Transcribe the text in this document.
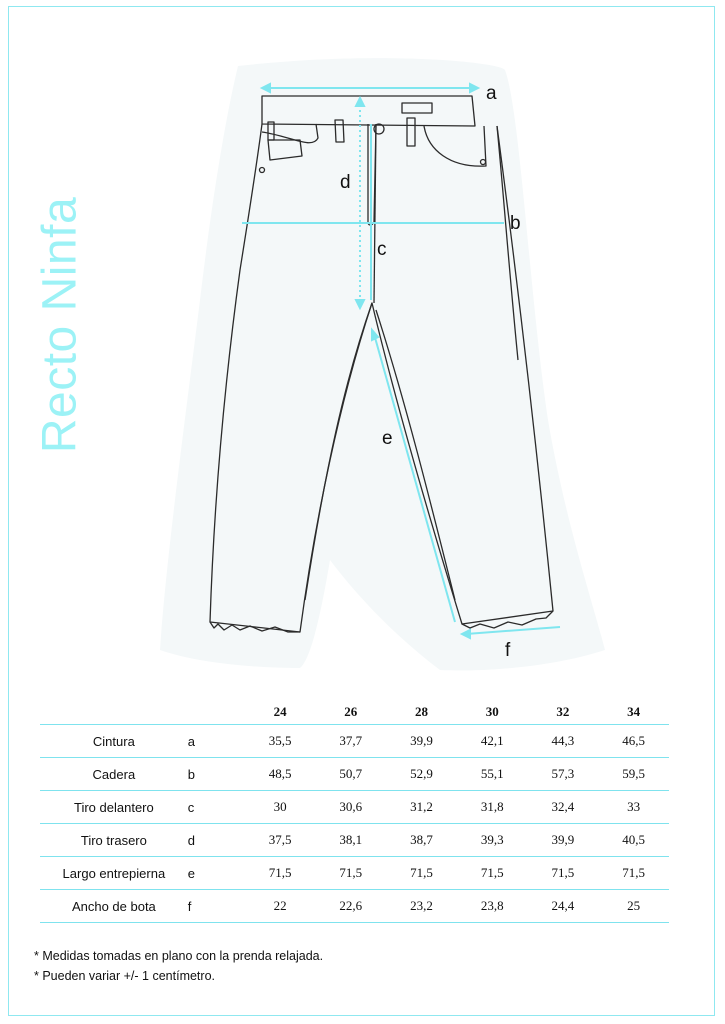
Recto Ninfa
a
b
c
d
e
f
		24	26	28	30	32	34
Cintura	a	35,5	37,7	39,9	42,1	44,3	46,5
Cadera	b	48,5	50,7	52,9	55,1	57,3	59,5
Tiro delantero	c	30	30,6	31,2	31,8	32,4	33
Tiro trasero	d	37,5	38,1	38,7	39,3	39,9	40,5
Largo entrepierna	e	71,5	71,5	71,5	71,5	71,5	71,5
Ancho de bota	f	22	22,6	23,2	23,8	24,4	25
* Medidas tomadas en plano con la prenda relajada.
* Pueden variar +/- 1 centímetro.
